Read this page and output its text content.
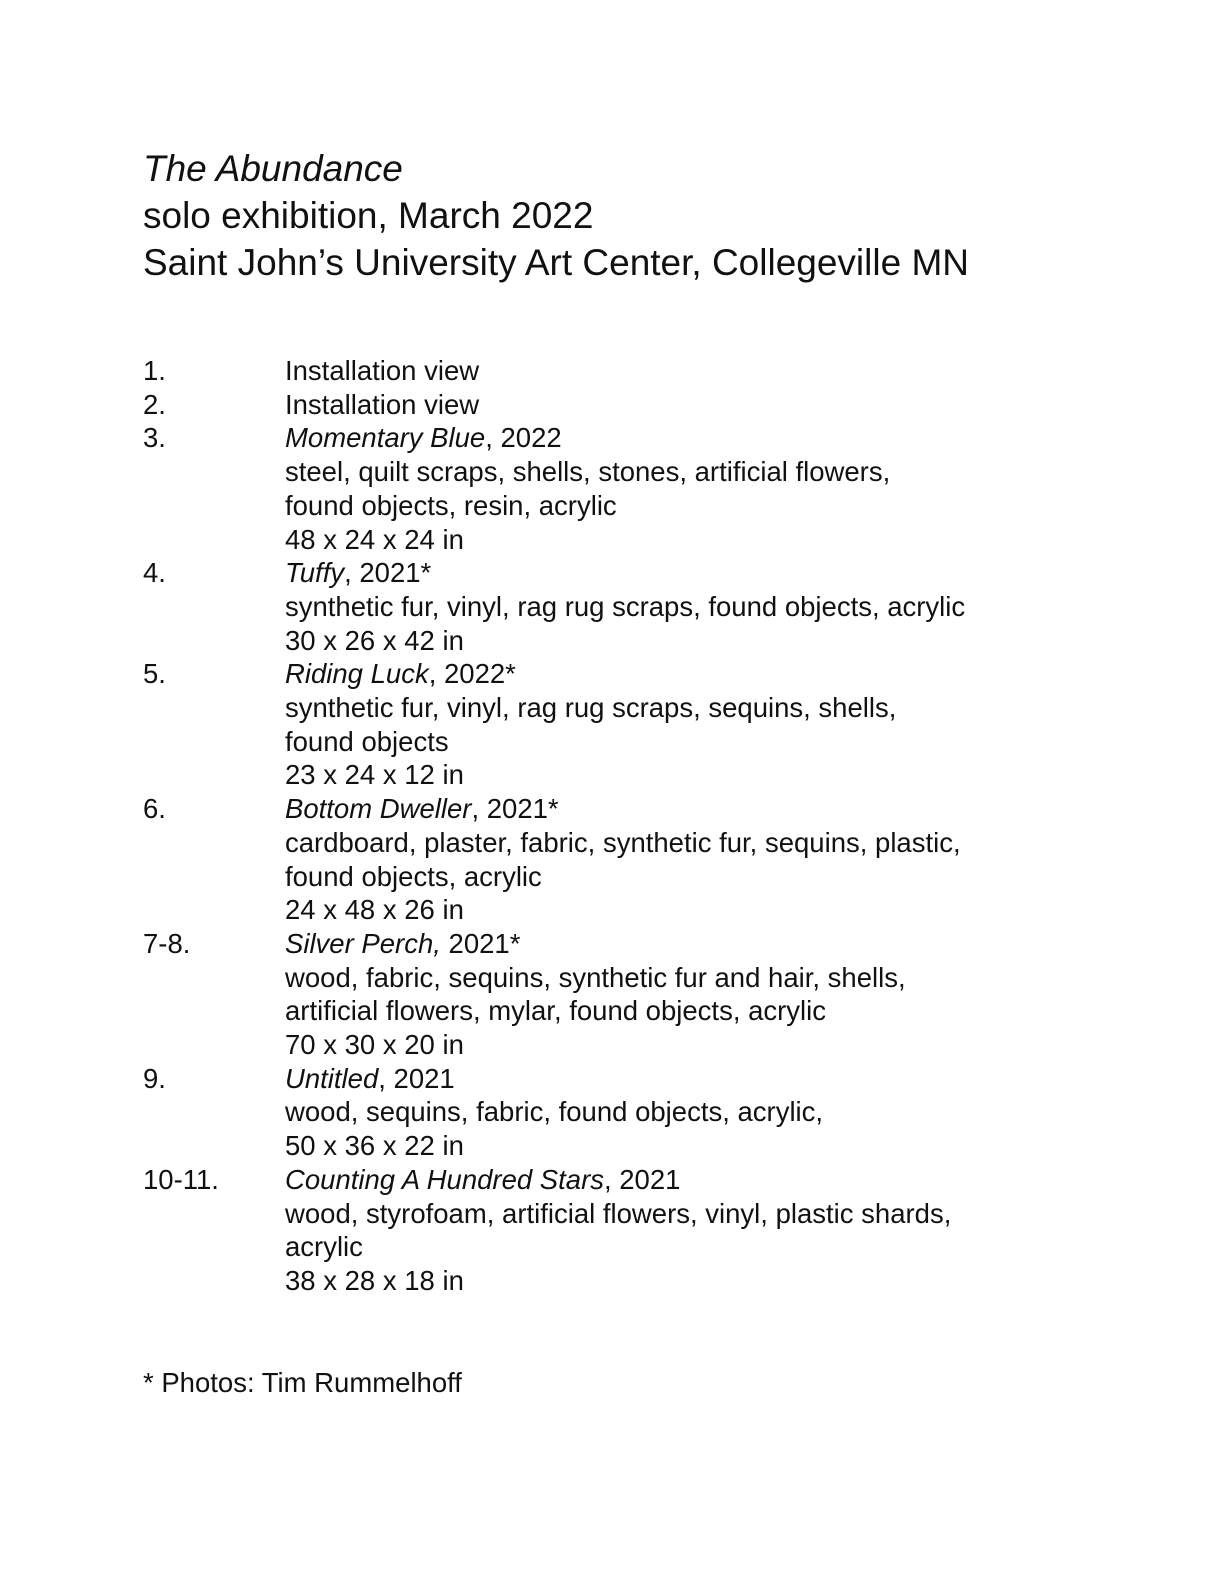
The Abundance
solo exhibition, March 2022
Saint John’s University Art Center, Collegeville MN
1.	Installation view
2.	Installation view
3.	Momentary Blue, 2022
steel, quilt scraps, shells, stones, artificial flowers,
found objects, resin, acrylic
48 x 24 x 24 in
4.	Tuffy, 2021*
synthetic fur, vinyl, rag rug scraps, found objects, acrylic
30 x 26 x 42 in
5.	Riding Luck, 2022*
synthetic fur, vinyl, rag rug scraps, sequins, shells,
found objects
23 x 24 x 12 in
6.	Bottom Dweller, 2021*
cardboard, plaster, fabric, synthetic fur, sequins, plastic,
found objects, acrylic
24 x 48 x 26 in
7-8.	Silver Perch, 2021*
wood, fabric, sequins, synthetic fur and hair, shells,
artificial flowers, mylar, found objects, acrylic
70 x 30 x 20 in
9.	Untitled, 2021
wood, sequins, fabric, found objects, acrylic,
50 x 36 x 22 in
10-11.	Counting A Hundred Stars, 2021
wood, styrofoam, artificial flowers, vinyl, plastic shards,
acrylic
38 x 28 x 18 in
* Photos: Tim Rummelhoff
